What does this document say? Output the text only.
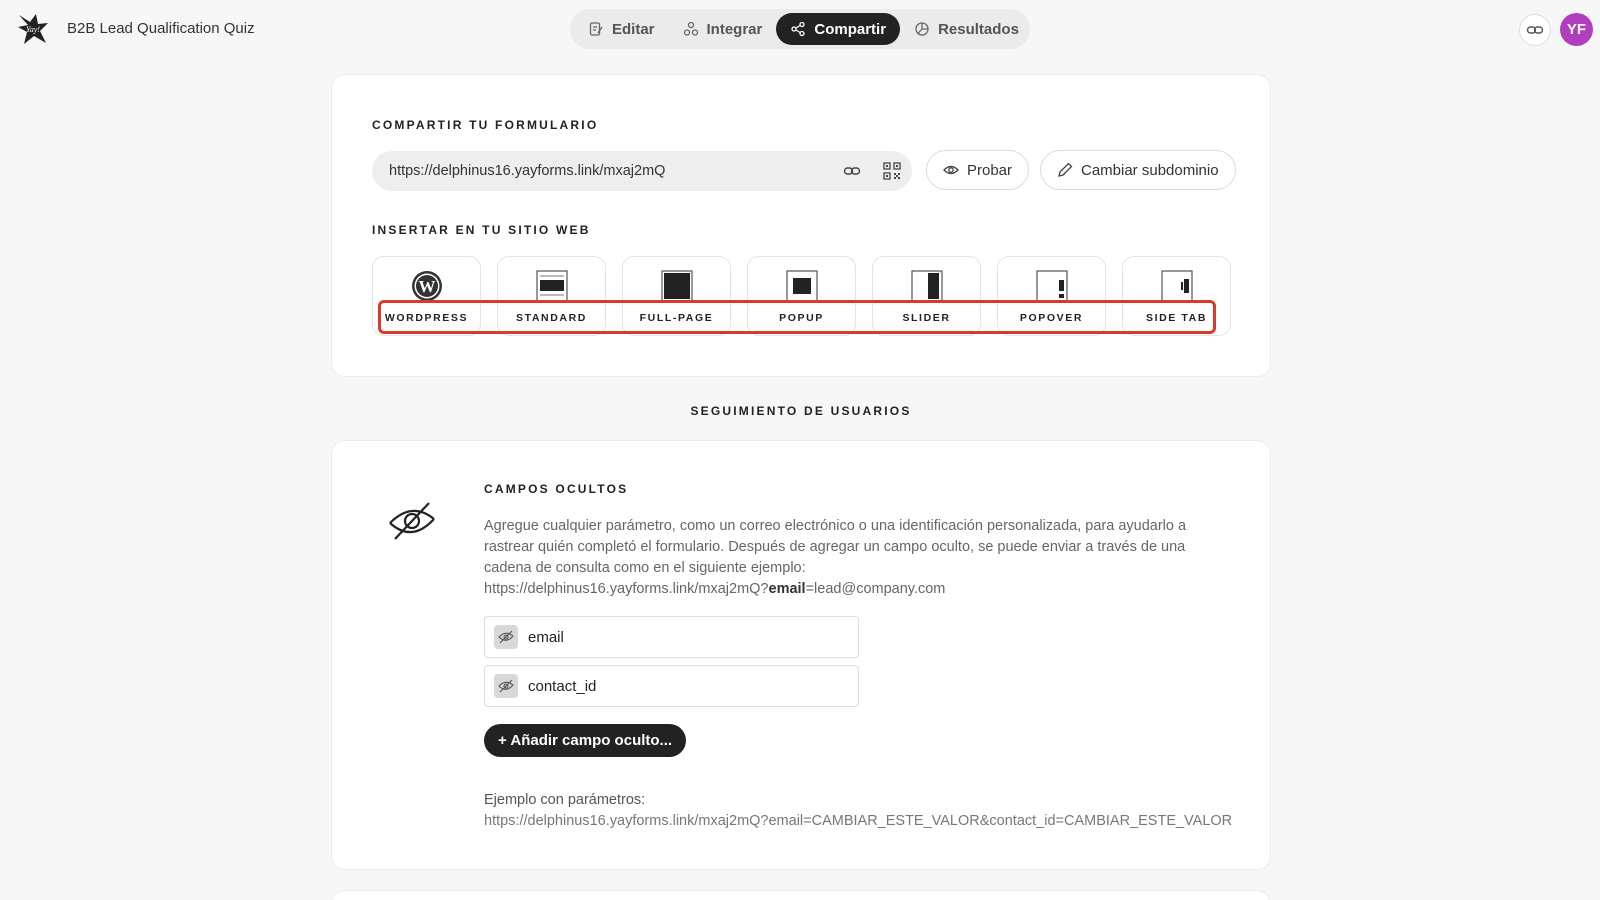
Yay! B2B Lead Qualification Quiz	Editar	Integrar	Compartir	Resultados	YF
COMPARTIR TU FORMULARIO
https://delphinus16.yayforms.link/mxaj2mQ	Probar	Cambiar subdominio
INSERTAR EN TU SITIO WEB
W
WORDPRESS	STANDARD	FULL-PAGE	POPUP	SLIDER	POPOVER	SIDE TAB
SEGUIMIENTO DE USUARIOS
CAMPOS OCULTOS
Agregue cualquier parámetro, como un correo electrónico o una identificación personalizada, para ayudarlo a rastrear quién completó el formulario. Después de agregar un campo oculto, se puede enviar a través de una cadena de consulta como en el siguiente ejemplo:
https://delphinus16.yayforms.link/mxaj2mQ?email=lead@company.com
email
contact_id
+ Añadir campo oculto...
Ejemplo con parámetros:
https://delphinus16.yayforms.link/mxaj2mQ?email=CAMBIAR_ESTE_VALOR&contact_id=CAMBIAR_ESTE_VALOR
